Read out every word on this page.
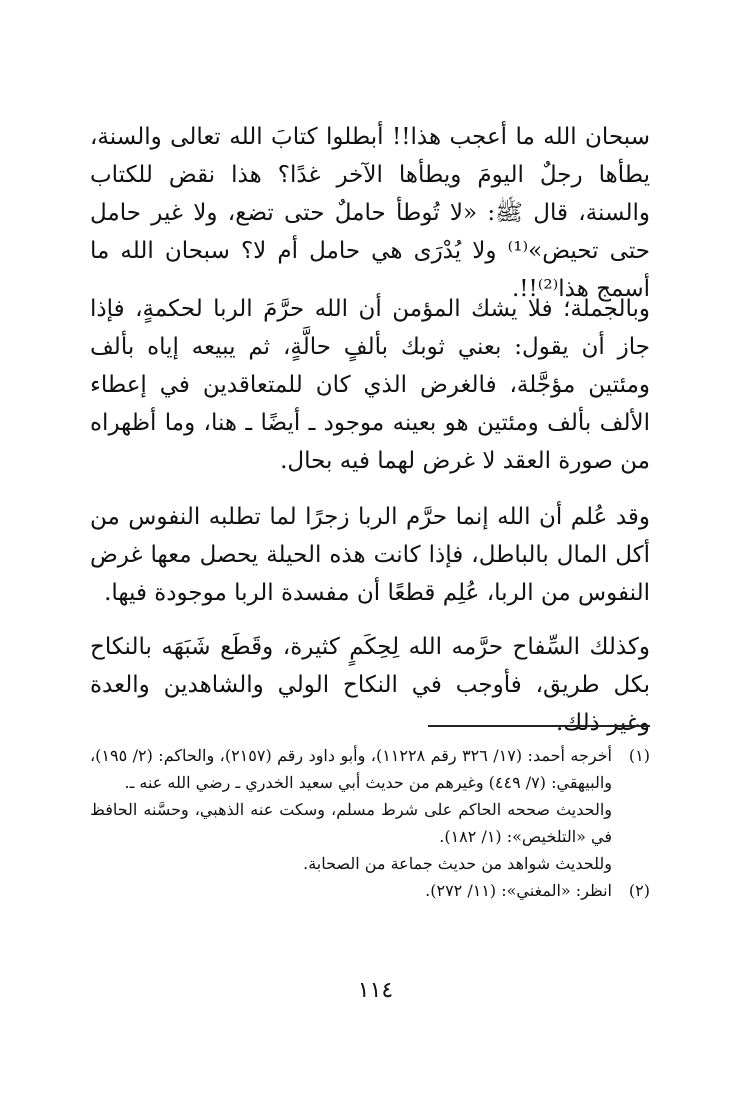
سبحان الله ما أعجب هذا!! أبطلوا كتابَ الله تعالى والسنة، يطأها رجلٌ اليومَ ويطأها الآخر غدًا؟ هذا نقض للكتاب والسنة، قال ﷺ: «لا تُوطأ حاملٌ حتى تضع، ولا غير حامل حتى تحيض»⁽¹⁾ ولا يُدْرَى هي حامل أم لا؟ سبحان الله ما أسمج هذا⁽²⁾!!.

وبالجملة؛ فلا يشك المؤمن أن الله حرَّمَ الربا لحكمةٍ، فإذا جاز أن يقول: بعني ثوبك بألفٍ حالَّةٍ، ثم يبيعه إياه بألف ومئتين مؤجَّلة، فالغرض الذي كان للمتعاقدين في إعطاء الألف بألف ومئتين هو بعينه موجود ـ أيضًا ـ هنا، وما أظهراه من صورة العقد لا غرض لهما فيه بحال.

وقد عُلم أن الله إنما حرَّم الربا زجرًا لما تطلبه النفوس من أكل المال بالباطل، فإذا كانت هذه الحيلة يحصل معها غرض النفوس من الربا، عُلِم قطعًا أن مفسدة الربا موجودة فيها.

وكذلك السِّفاح حرَّمه الله لِحِكَمٍ كثيرة، وقَطَع شَبَهَه بالنكاح بكل طريق، فأوجب في النكاح الولي والشاهدين والعدة وغير ذلك.

(١)

أخرجه أحمد: (١٧/ ٣٢٦ رقم ١١٢٢٨)، وأبو داود رقم (٢١٥٧)، والحاكم: (٢/ ١٩٥)، والبيهقي: (٧/ ٤٤٩) وغيرهم من حديث أبي سعيد الخدري ـ رضي الله عنه ـ.

والحديث صححه الحاكم على شرط مسلم، وسكت عنه الذهبي، وحسَّنه الحافظ في «التلخيص»: (١/ ١٨٢).

وللحديث شواهد من حديث جماعة من الصحابة.

(٢)

انظر: «المغني»: (١١/ ٢٧٢).

١١٤
